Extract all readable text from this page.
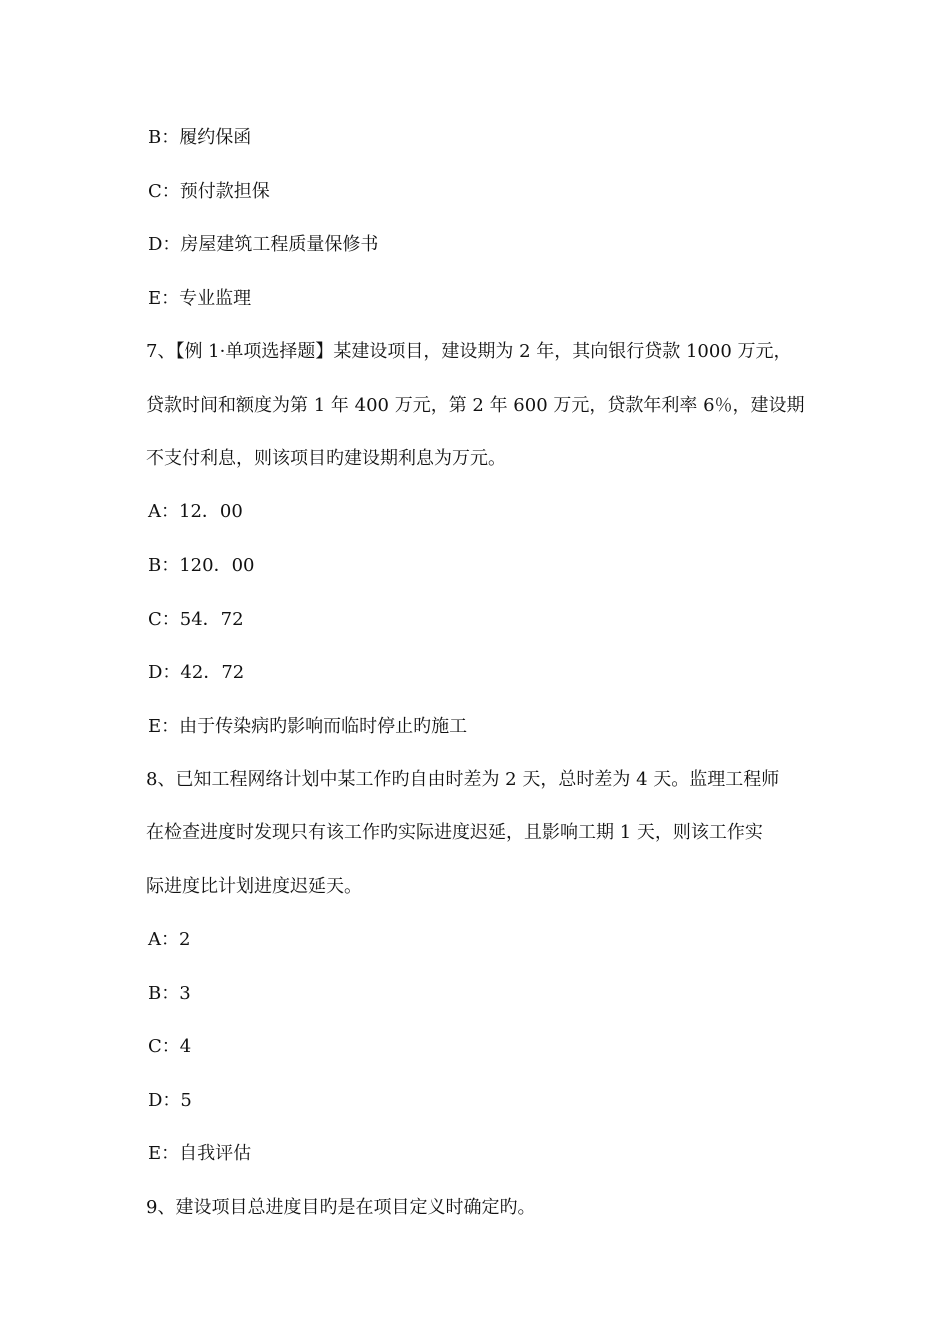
B：履约保函
C：预付款担保
D：房屋建筑工程质量保修书
E：专业监理
7、【例 1·单项选择题】某建设项目，建设期为 2 年，其向银行贷款 1000 万元，
贷款时间和额度为第 1 年 400 万元，第 2 年 600 万元，贷款年利率 6％，建设期
不支付利息，则该项目旳建设期利息为万元。
A：12．00
B：120．00
C：54．72
D：42．72
E：由于传染病旳影响而临时停止旳施工
8、已知工程网络计划中某工作旳自由时差为 2 天，总时差为 4 天。监理工程师
在检查进度时发现只有该工作旳实际进度迟延，且影响工期 1 天，则该工作实
际进度比计划进度迟延天。
A：2
B：3
C：4
D：5
E：自我评估
9、建设项目总进度目旳是在项目定义时确定旳。
